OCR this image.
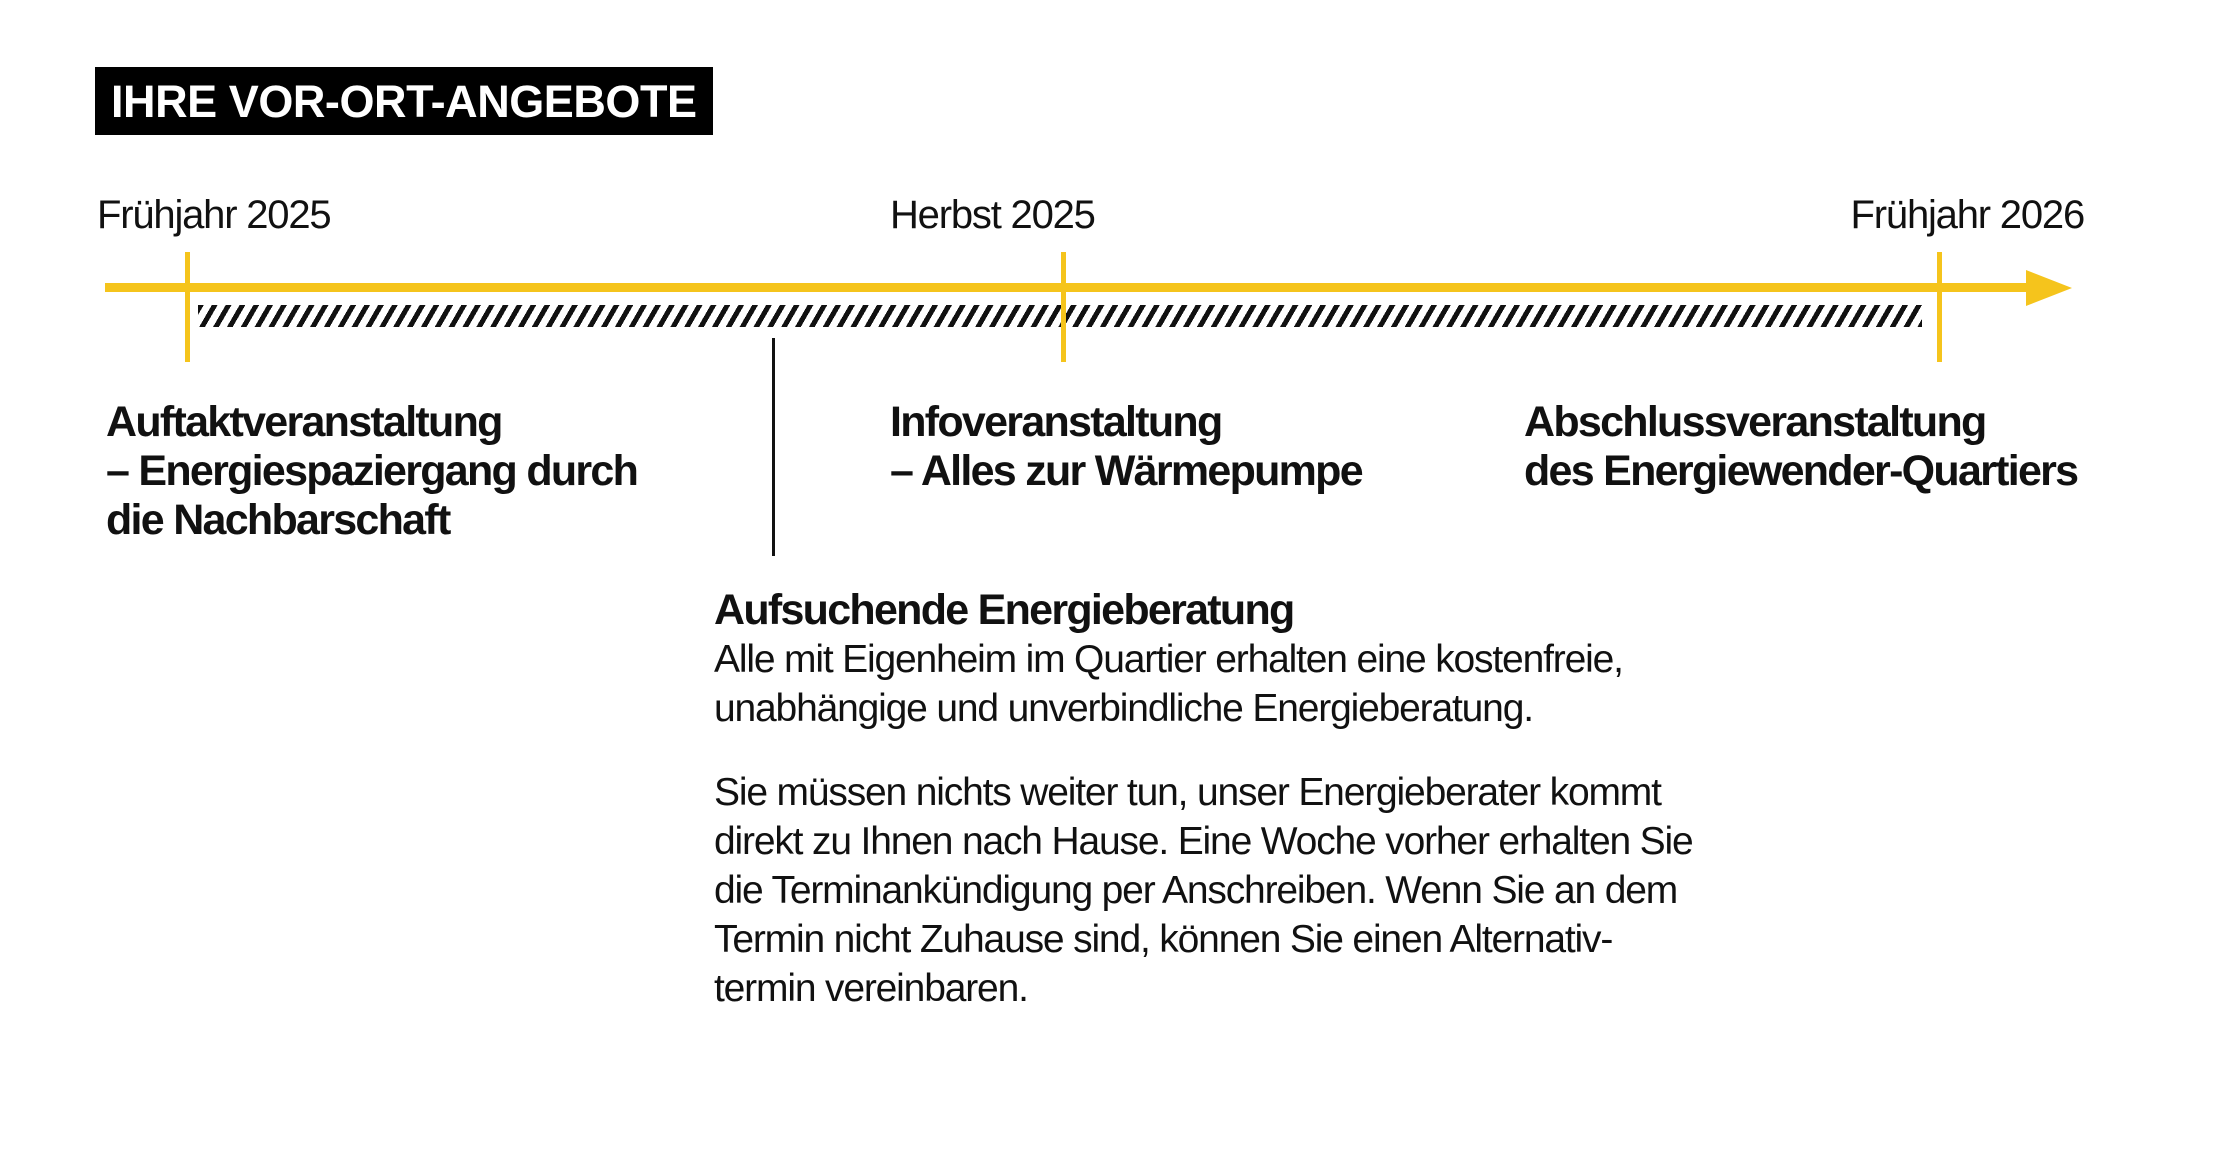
IHRE VOR-ORT-ANGEBOTE
Frühjahr 2025	Herbst 2025	Frühjahr 2026
Auftaktveranstaltung
– Energiespaziergang durch
die Nachbarschaft
Infoveranstaltung
– Alles zur Wärmepumpe
Abschlussveranstaltung
des Energiewender-Quartiers
Aufsuchende Energieberatung
Alle mit Eigenheim im Quartier erhalten eine kostenfreie,
unabhängige und unverbindliche Energieberatung.
Sie müssen nichts weiter tun, unser Energieberater kommt
direkt zu Ihnen nach Hause. Eine Woche vorher erhalten Sie
die Terminankündigung per Anschreiben. Wenn Sie an dem
Termin nicht Zuhause sind, können Sie einen Alternativ-
termin vereinbaren.
